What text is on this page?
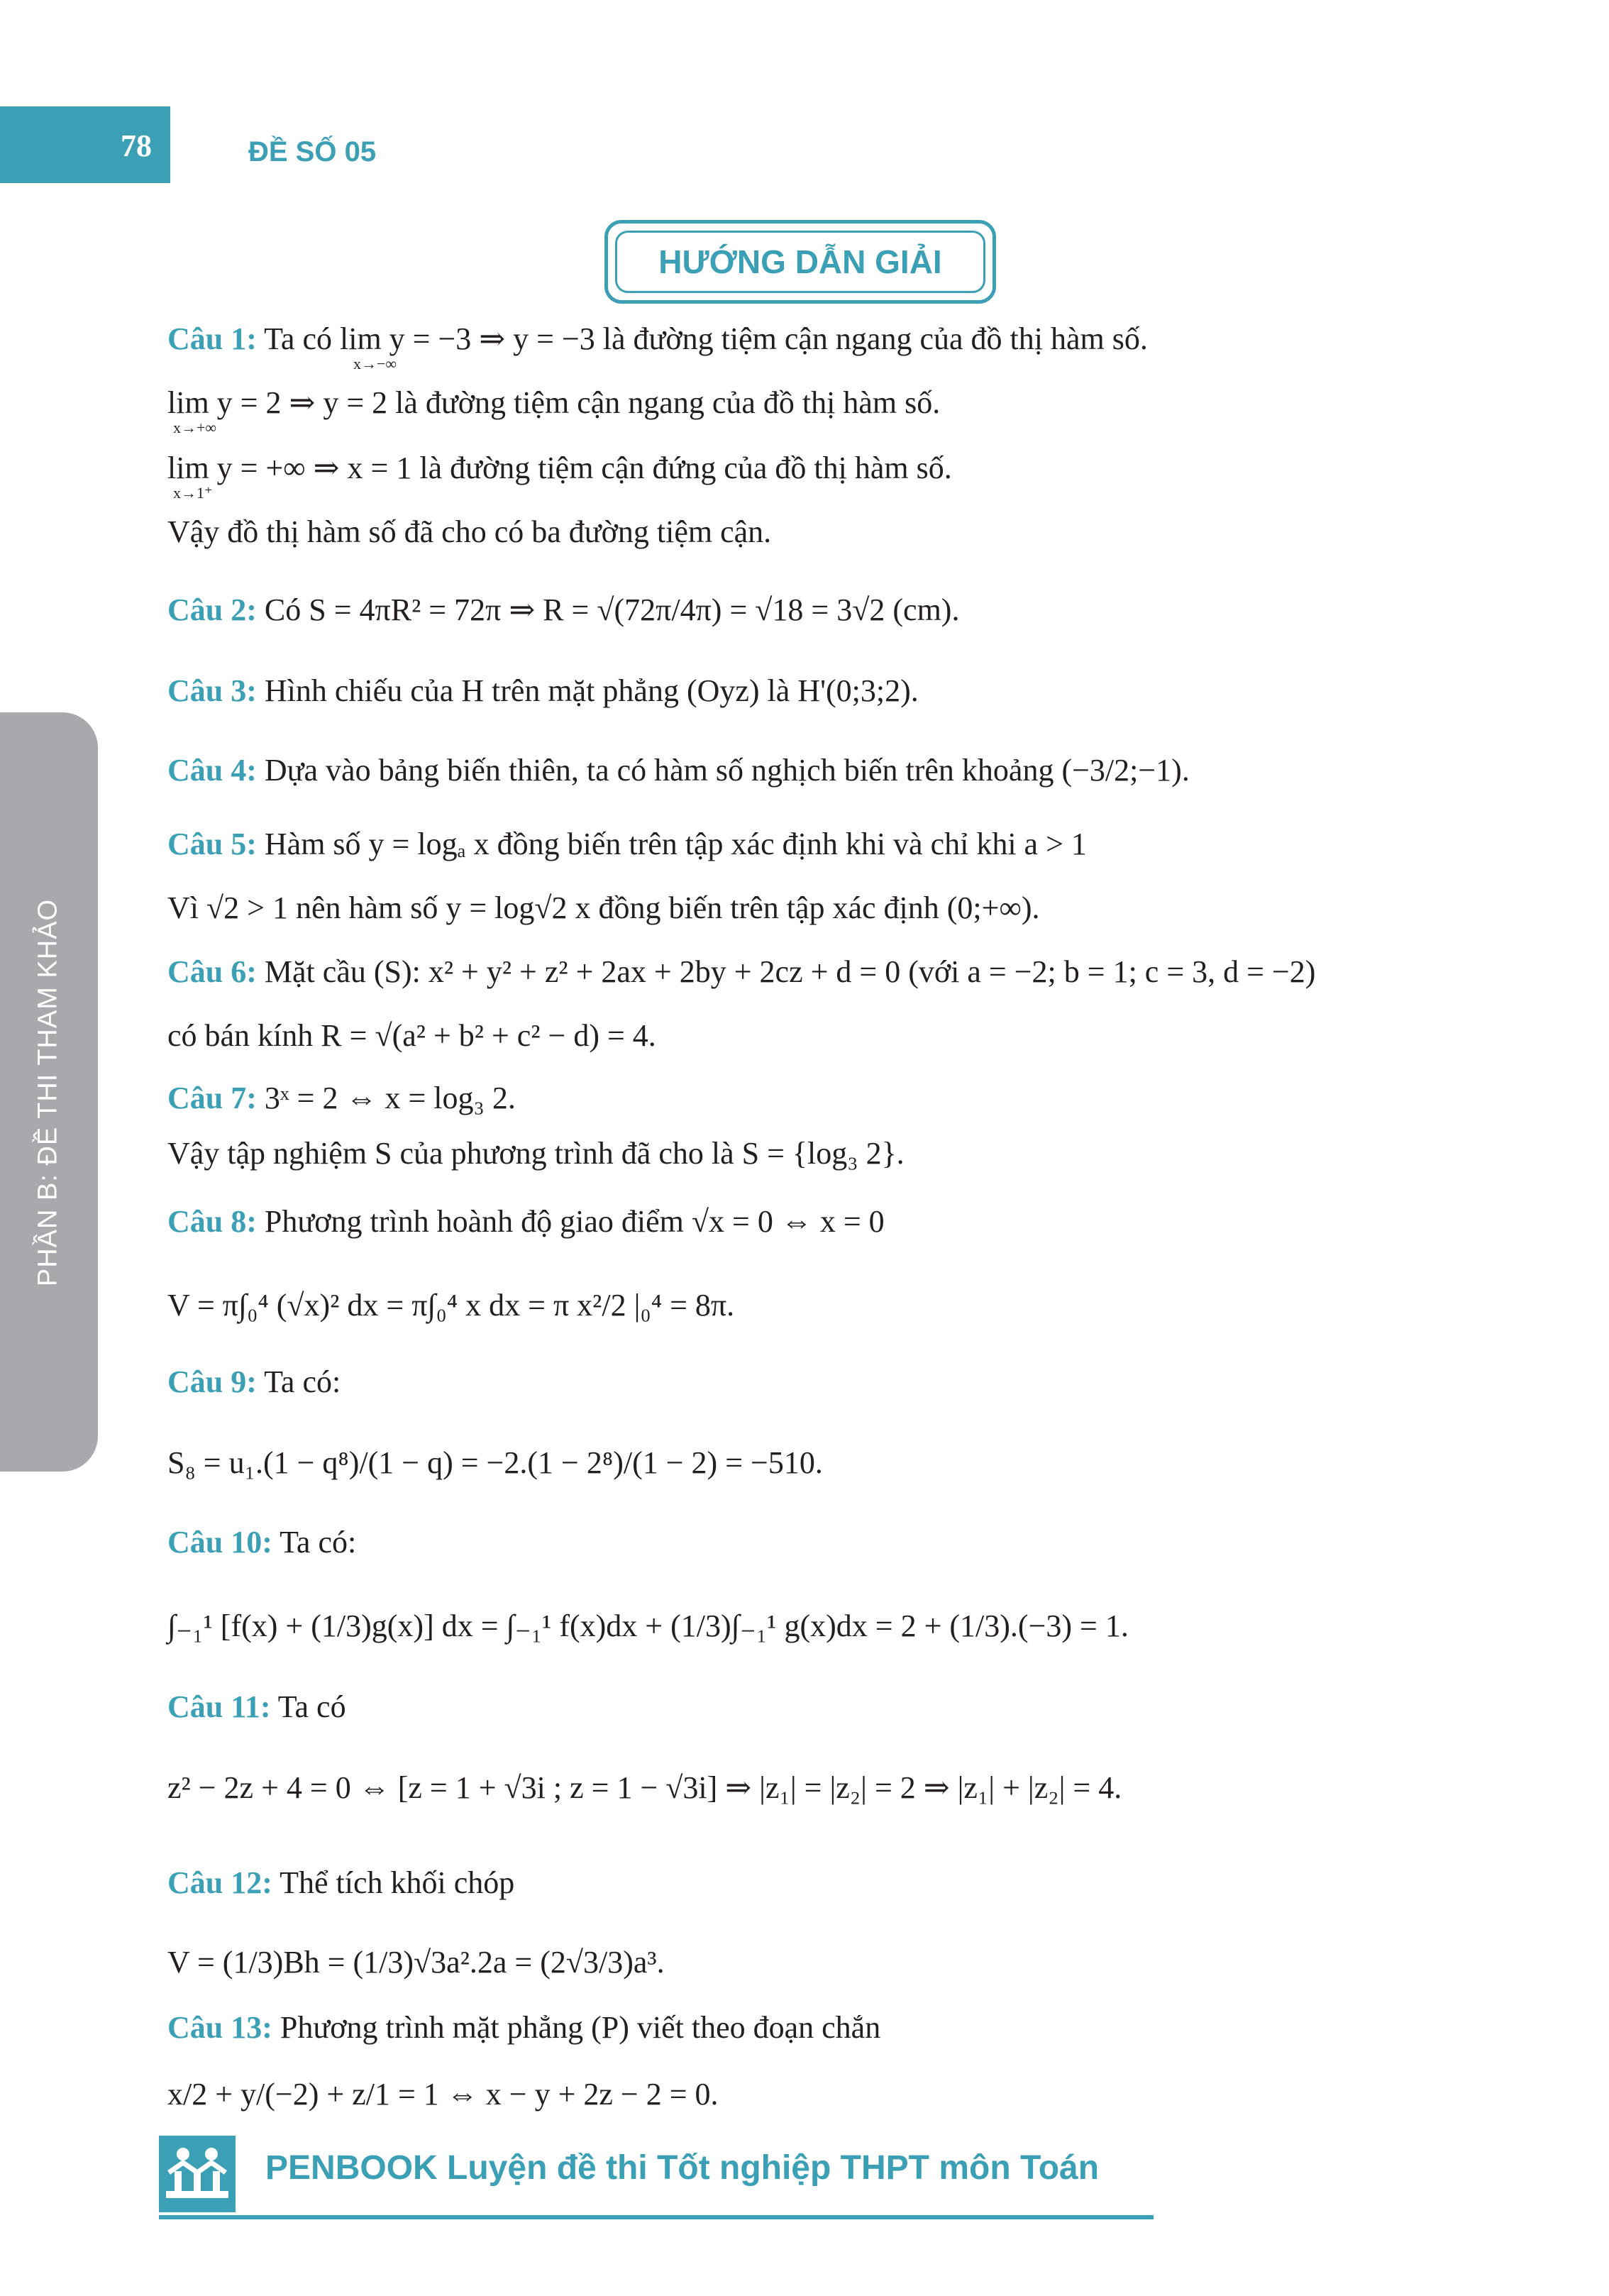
78	ĐỀ SỐ 05
PHẦN B: ĐỀ THI THAM KHẢO
HƯỚNG DẪN GIẢI
Câu 1: Ta có lim y = −3 ⇒ y = −3 là đường tiệm cận ngang của đồ thị hàm số.
x→−∞
lim y = 2 ⇒ y = 2 là đường tiệm cận ngang của đồ thị hàm số.
x→+∞
lim y = +∞ ⇒ x = 1 là đường tiệm cận đứng của đồ thị hàm số.
x→1⁺
Vậy đồ thị hàm số đã cho có ba đường tiệm cận.
Câu 2: Có S = 4πR² = 72π ⇒ R = √(72π/4π) = √18 = 3√2 (cm).
Câu 3: Hình chiếu của H trên mặt phẳng (Oyz) là H'(0;3;2).
Câu 4: Dựa vào bảng biến thiên, ta có hàm số nghịch biến trên khoảng (−3/2;−1).
Câu 5: Hàm số y = logₐ x đồng biến trên tập xác định khi và chỉ khi a > 1
Vì √2 > 1 nên hàm số y = log√2 x đồng biến trên tập xác định (0;+∞).
Câu 6: Mặt cầu (S): x² + y² + z² + 2ax + 2by + 2cz + d = 0 (với a = −2; b = 1; c = 3, d = −2)
có bán kính R = √(a² + b² + c² − d) = 4.
Câu 7: 3ˣ = 2 ⇔ x = log₃ 2.
Vậy tập nghiệm S của phương trình đã cho là S = {log₃ 2}.
Câu 8: Phương trình hoành độ giao điểm √x = 0 ⇔ x = 0
V = π∫₀⁴ (√x)² dx = π∫₀⁴ x dx = π x²/2 |₀⁴ = 8π.
Câu 9: Ta có:
S₈ = u₁.(1 − q⁸)/(1 − q) = −2.(1 − 2⁸)/(1 − 2) = −510.
Câu 10: Ta có:
∫₋₁¹ [f(x) + (1/3)g(x)] dx = ∫₋₁¹ f(x)dx + (1/3)∫₋₁¹ g(x)dx = 2 + (1/3).(−3) = 1.
Câu 11: Ta có
z² − 2z + 4 = 0 ⇔ [z = 1 + √3i ; z = 1 − √3i] ⇒ |z₁| = |z₂| = 2 ⇒ |z₁| + |z₂| = 4.
Câu 12: Thể tích khối chóp
V = (1/3)Bh = (1/3)√3a².2a = (2√3/3)a³.
Câu 13: Phương trình mặt phẳng (P) viết theo đoạn chắn
x/2 + y/(−2) + z/1 = 1 ⇔ x − y + 2z − 2 = 0.
PENBOOK Luyện đề thi Tốt nghiệp THPT môn Toán
